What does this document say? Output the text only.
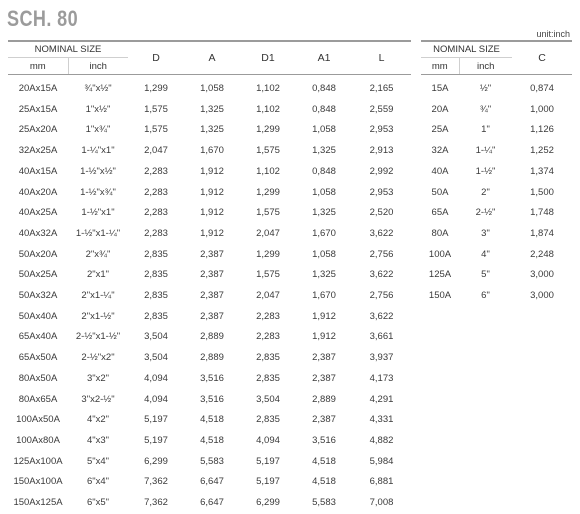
SCH. 80
unit:inch
NOMINAL SIZE		D	A	D1	A1	L
mm	inch					
20Ax15A	¾"x½"	1,299	1,058	1,102	0,848	2,165
25Ax15A	1"x½"	1,575	1,325	1,102	0,848	2,559
25Ax20A	1"x¾"	1,575	1,325	1,299	1,058	2,953
32Ax25A	1-¼"x1"	2,047	1,670	1,575	1,325	2,913
40Ax15A	1-½"x½"	2,283	1,912	1,102	0,848	2,992
40Ax20A	1-½"x¾"	2,283	1,912	1,299	1,058	2,953
40Ax25A	1-½"x1"	2,283	1,912	1,575	1,325	2,520
40Ax32A	1-½"x1-¼"	2,283	1,912	2,047	1,670	3,622
50Ax20A	2"x¾"	2,835	2,387	1,299	1,058	2,756
50Ax25A	2"x1"	2,835	2,387	1,575	1,325	3,622
50Ax32A	2"x1-¼"	2,835	2,387	2,047	1,670	2,756
50Ax40A	2"x1-½"	2,835	2,387	2,283	1,912	3,622
65Ax40A	2-½"x1-½"	3,504	2,889	2,283	1,912	3,661
65Ax50A	2-½"x2"	3,504	2,889	2,835	2,387	3,937
80Ax50A	3"x2"	4,094	3,516	2,835	2,387	4,173
80Ax65A	3"x2-½"	4,094	3,516	3,504	2,889	4,291
100Ax50A	4"x2"	5,197	4,518	2,835	2,387	4,331
100Ax80A	4"x3"	5,197	4,518	4,094	3,516	4,882
125Ax100A	5"x4"	6,299	5,583	5,197	4,518	5,984
150Ax100A	6"x4"	7,362	6,647	5,197	4,518	6,881
150Ax125A	6"x5"	7,362	6,647	6,299	5,583	7,008
NOMINAL SIZE		C
mm	inch	
15A	½"	0,874
20A	¾"	1,000
25A	1"	1,126
32A	1-¼"	1,252
40A	1-½"	1,374
50A	2"	1,500
65A	2-½"	1,748
80A	3"	1,874
100A	4"	2,248
125A	5"	3,000
150A	6"	3,000
